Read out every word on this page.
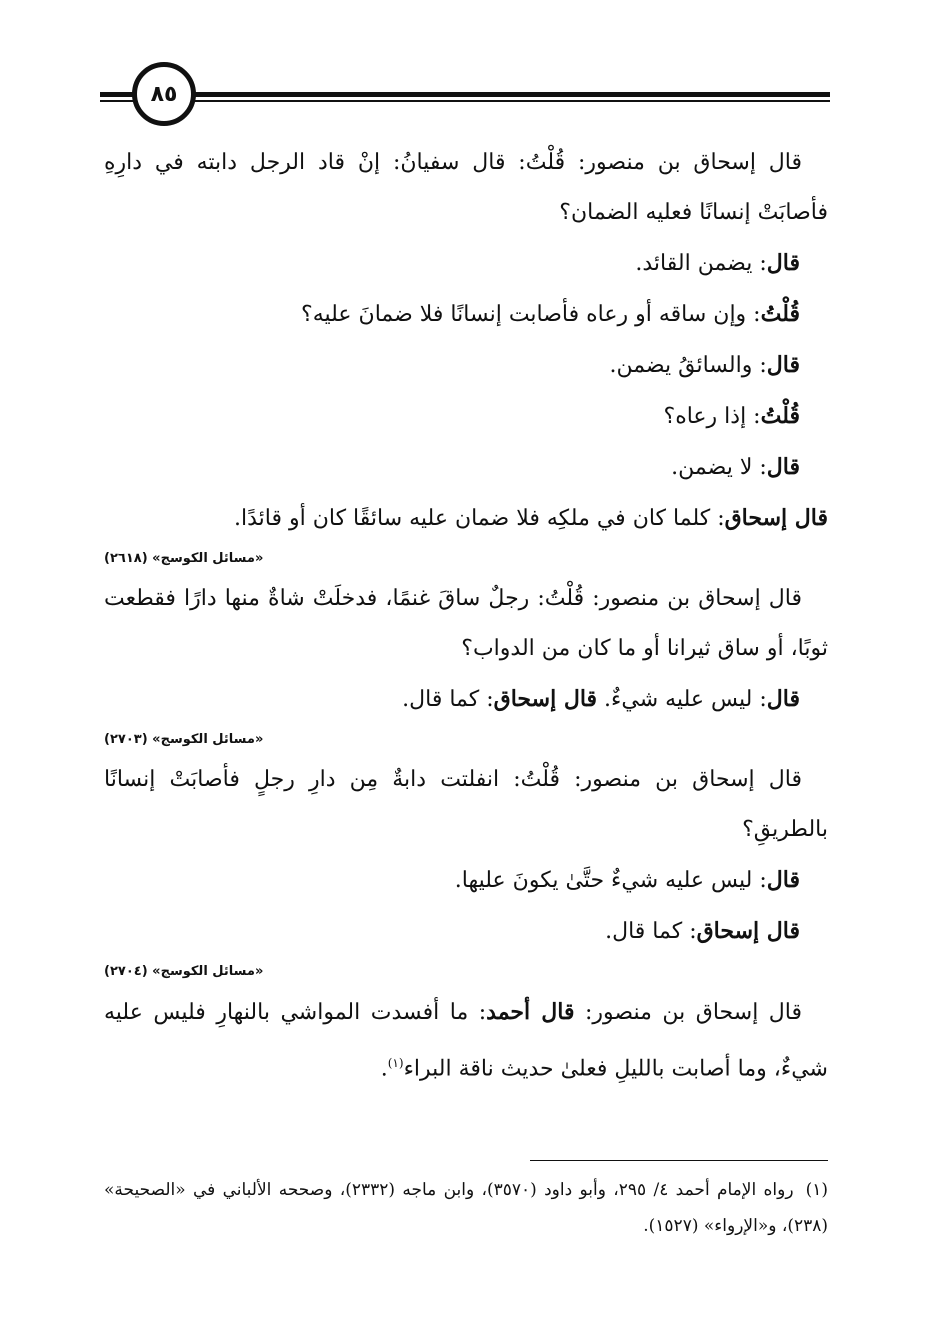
٨٥

قال إسحاق بن منصور: قُلْتُ: قال سفيانُ: إنْ قاد الرجل دابته في دارِهِ فأصابَتْ إنسانًا فعليه الضمان؟

قال: يضمن القائد.

قُلْتُ: وإن ساقه أو رعاه فأصابت إنسانًا فلا ضمانَ عليه؟

قال: والسائقُ يضمن.

قُلْتُ: إذا رعاه؟

قال: لا يضمن.

قال إسحاق: كلما كان في ملكِه فلا ضمان عليه سائقًا كان أو قائدًا.

«مسائل الكوسج» (٢٦١٨)

قال إسحاق بن منصور: قُلْتُ: رجلٌ ساقَ غنمًا، فدخلَتْ شاةٌ منها دارًا فقطعت ثوبًا، أو ساق ثيرانا أو ما كان من الدواب؟

قال: ليس عليه شيءٌ. قال إسحاق: كما قال.

«مسائل الكوسج» (٢٧٠٣)

قال إسحاق بن منصور: قُلْتُ: انفلتت دابةٌ مِن دارِ رجلٍ فأصابَتْ إنسانًا بالطريقِ؟

قال: ليس عليه شيءٌ حتَّىٰ يكونَ عليها.

قال إسحاق: كما قال.

«مسائل الكوسج» (٢٧٠٤)

قال إسحاق بن منصور: قال أحمد: ما أفسدت المواشي بالنهارِ فليس عليه شيءٌ، وما أصابت بالليلِ فعلىٰ حديث ناقة البراء$^{(١)}$.

(١)رواه الإمام أحمد ٤/ ٢٩٥، وأبو داود (٣٥٧٠)، وابن ماجه (٢٣٣٢)، وصححه الألباني في «الصحيحة» (٢٣٨)، و«الإرواء» (١٥٢٧).
